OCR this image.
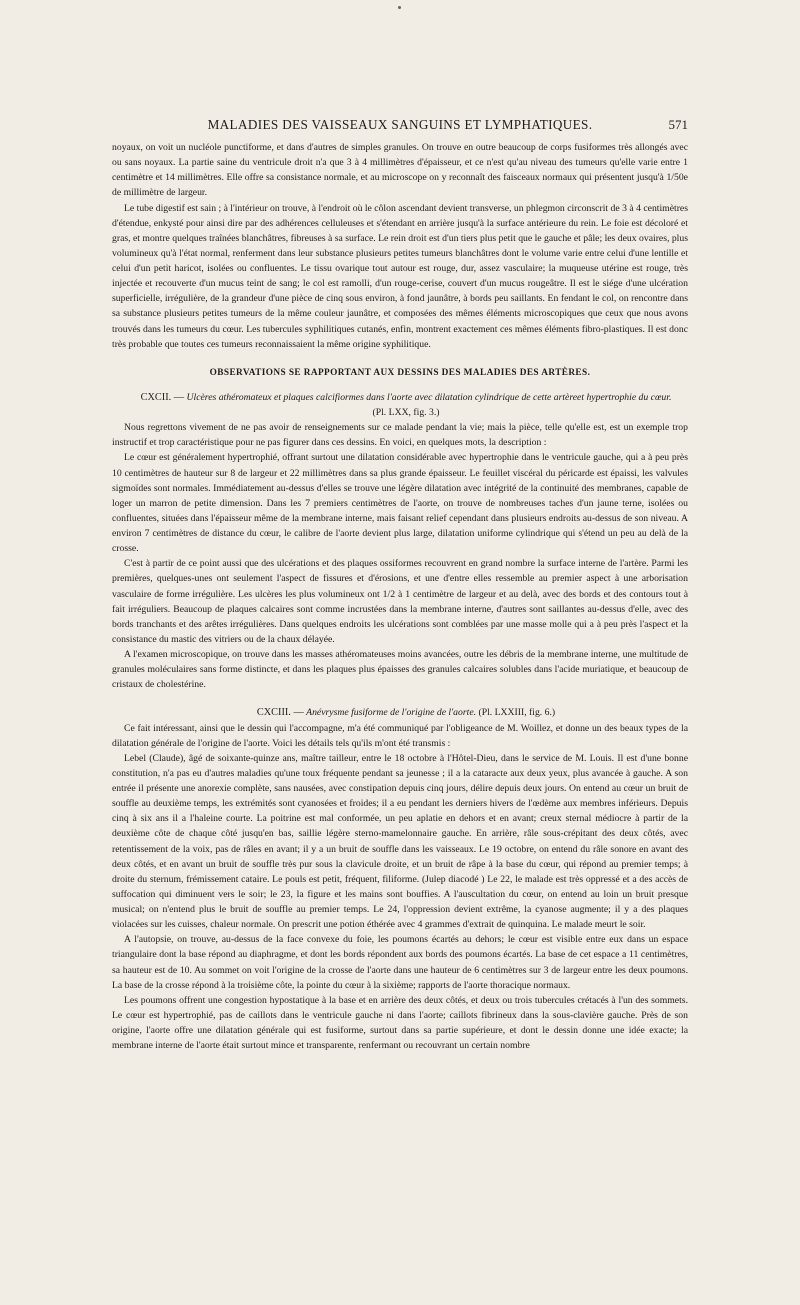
MALADIES DES VAISSEAUX SANGUINS ET LYMPHATIQUES.	571

noyaux, on voit un nucléole punctiforme, et dans d'autres de simples granules. On trouve en outre beaucoup de corps fusiformes très allongés avec ou sans noyaux. La partie saine du ventricule droit n'a que 3 à 4 millimètres d'épaisseur, et ce n'est qu'au niveau des tumeurs qu'elle varie entre 1 centimètre et 14 millimètres. Elle offre sa consistance normale, et au microscope on y reconnaît des faisceaux normaux qui présentent jusqu'à 1/50e de millimètre de largeur.

Le tube digestif est sain ; à l'intérieur on trouve, à l'endroit où le côlon ascendant devient transverse, un phlegmon circonscrit de 3 à 4 centimètres d'étendue, enkysté pour ainsi dire par des adhérences celluleuses et s'étendant en arrière jusqu'à la surface antérieure du rein. Le foie est décoloré et gras, et montre quelques traînées blanchâtres, fibreuses à sa surface. Le rein droit est d'un tiers plus petit que le gauche et pâle; les deux ovaires, plus volumineux qu'à l'état normal, renferment dans leur substance plusieurs petites tumeurs blanchâtres dont le volume varie entre celui d'une lentille et celui d'un petit haricot, isolées ou confluentes. Le tissu ovarique tout autour est rouge, dur, assez vasculaire; la muqueuse utérine est rouge, très injectée et recouverte d'un mucus teint de sang; le col est ramolli, d'un rouge-cerise, couvert d'un mucus rougeâtre. Il est le siége d'une ulcération superficielle, irrégulière, de la grandeur d'une pièce de cinq sous environ, à fond jaunâtre, à bords peu saillants. En fendant le col, on rencontre dans sa substance plusieurs petites tumeurs de la même couleur jaunâtre, et composées des mêmes éléments microscopiques que ceux que nous avons trouvés dans les tumeurs du cœur. Les tubercules syphilitiques cutanés, enfin, montrent exactement ces mêmes éléments fibro-plastiques. Il est donc très probable que toutes ces tumeurs reconnaissaient la même origine syphilitique.

OBSERVATIONS SE RAPPORTANT AUX DESSINS DES MALADIES DES ARTÈRES.

CXCII. — Ulcères athéromateux et plaques calcifiormes dans l'aorte avec dilatation cylindrique de cette artèreet hypertrophie du cœur.

(Pl. LXX, fig. 3.)

Nous regrettons vivement de ne pas avoir de renseignements sur ce malade pendant la vie; mais la pièce, telle qu'elle est, est un exemple trop instructif et trop caractéristique pour ne pas figurer dans ces dessins. En voici, en quelques mots, la description :

Le cœur est généralement hypertrophié, offrant surtout une dilatation considérable avec hypertrophie dans le ventricule gauche, qui a à peu près 10 centimètres de hauteur sur 8 de largeur et 22 millimètres dans sa plus grande épaisseur. Le feuillet viscéral du péricarde est épaissi, les valvules sigmoïdes sont normales. Immédiatement au-dessus d'elles se trouve une légère dilatation avec intégrité de la continuité des membranes, capable de loger un marron de petite dimension. Dans les 7 premiers centimètres de l'aorte, on trouve de nombreuses taches d'un jaune terne, isolées ou confluentes, situées dans l'épaisseur même de la membrane interne, mais faisant relief cependant dans plusieurs endroits au-dessus de son niveau. A environ 7 centimètres de distance du cœur, le calibre de l'aorte devient plus large, dilatation uniforme cylindrique qui s'étend un peu au delà de la crosse.

C'est à partir de ce point aussi que des ulcérations et des plaques ossiformes recouvrent en grand nombre la surface interne de l'artère. Parmi les premières, quelques-unes ont seulement l'aspect de fissures et d'érosions, et une d'entre elles ressemble au premier aspect à une arborisation vasculaire de forme irrégulière. Les ulcères les plus volumineux ont 1/2 à 1 centimètre de largeur et au delà, avec des bords et des contours tout à fait irréguliers. Beaucoup de plaques calcaires sont comme incrustées dans la membrane interne, d'autres sont saillantes au-dessus d'elle, avec des bords tranchants et des arêtes irrégulières. Dans quelques endroits les ulcérations sont comblées par une masse molle qui a à peu près l'aspect et la consistance du mastic des vitriers ou de la chaux délayée.

A l'examen microscopique, on trouve dans les masses athéromateuses moins avancées, outre les débris de la membrane interne, une multitude de granules moléculaires sans forme distincte, et dans les plaques plus épaisses des granules calcaires solubles dans l'acide muriatique, et beaucoup de cristaux de cholestérine.

CXCIII. — Anévrysme fusiforme de l'origine de l'aorte. (Pl. LXXIII, fig. 6.)

Ce fait intéressant, ainsi que le dessin qui l'accompagne, m'a été communiqué par l'obligeance de M. Woillez, et donne un des beaux types de la dilatation générale de l'origine de l'aorte. Voici les détails tels qu'ils m'ont été transmis :

Lebel (Claude), âgé de soixante-quinze ans, maître tailleur, entre le 18 octobre à l'Hôtel-Dieu, dans le service de M. Louis. Il est d'une bonne constitution, n'a pas eu d'autres maladies qu'une toux fréquente pendant sa jeunesse ; il a la cataracte aux deux yeux, plus avancée à gauche. A son entrée il présente une anorexie complète, sans nausées, avec constipation depuis cinq jours, délire depuis deux jours. On entend au cœur un bruit de souffle au deuxième temps, les extrémités sont cyanosées et froides; il a eu pendant les derniers hivers de l'œdème aux membres inférieurs. Depuis cinq à six ans il a l'haleine courte. La poitrine est mal conformée, un peu aplatie en dehors et en avant; creux sternal médiocre à partir de la deuxième côte de chaque côté jusqu'en bas, saillie légère sterno-mamelonnaire gauche. En arrière, râle sous-crépitant des deux côtés, avec retentissement de la voix, pas de râles en avant; il y a un bruit de souffle dans les vaisseaux. Le 19 octobre, on entend du râle sonore en avant des deux côtés, et en avant un bruit de souffle très pur sous la clavicule droite, et un bruit de râpe à la base du cœur, qui répond au premier temps; à droite du sternum, frémissement cataire. Le pouls est petit, fréquent, filiforme. (Julep diacodé ) Le 22, le malade est très oppressé et a des accès de suffocation qui diminuent vers le soir; le 23, la figure et les mains sont bouffies. A l'auscultation du cœur, on entend au loin un bruit presque musical; on n'entend plus le bruit de souffle au premier temps. Le 24, l'oppression devient extrême, la cyanose augmente; il y a des plaques violacées sur les cuisses, chaleur normale. On prescrit une potion éthérée avec 4 grammes d'extrait de quinquina. Le malade meurt le soir.

A l'autopsie, on trouve, au-dessus de la face convexe du foie, les poumons écartés au dehors; le cœur est visible entre eux dans un espace triangulaire dont la base répond au diaphragme, et dont les bords répondent aux bords des poumons écartés. La base de cet espace a 11 centimètres, sa hauteur est de 10. Au sommet on voit l'origine de la crosse de l'aorte dans une hauteur de 6 centimètres sur 3 de largeur entre les deux poumons. La base de la crosse répond à la troisième côte, la pointe du cœur à la sixième; rapports de l'aorte thoracique normaux.

Les poumons offrent une congestion hypostatique à la base et en arrière des deux côtés, et deux ou trois tubercules crétacés à l'un des sommets. Le cœur est hypertrophié, pas de caillots dans le ventricule gauche ni dans l'aorte; caillots fibrineux dans la sous-clavière gauche. Près de son origine, l'aorte offre une dilatation générale qui est fusiforme, surtout dans sa partie supérieure, et dont le dessin donne une idée exacte; la membrane interne de l'aorte était surtout mince et transparente, renfermant ou recouvrant un certain nombre
